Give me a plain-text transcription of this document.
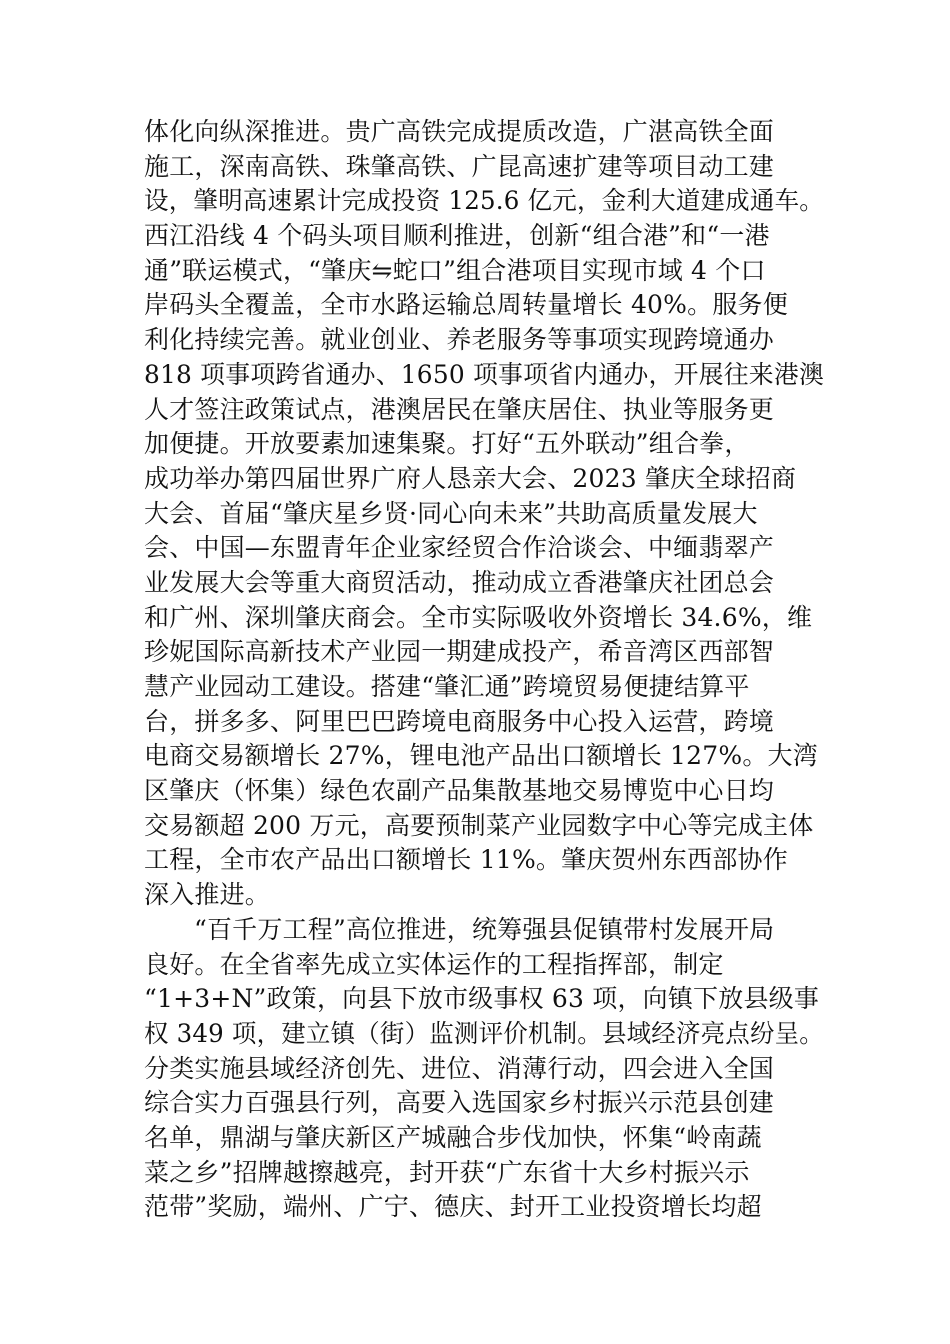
体化向纵深推进。贵广高铁完成提质改造，广湛高铁全面
施工，深南高铁、珠肇高铁、广昆高速扩建等项目动工建
设，肇明高速累计完成投资 125.6 亿元，金利大道建成通车。
西江沿线 4 个码头项目顺利推进，创新“组合港”和“一港
通”联运模式，“肇庆⇋蛇口”组合港项目实现市域 4 个口
岸码头全覆盖，全市水路运输总周转量增长 40%。服务便
利化持续完善。就业创业、养老服务等事项实现跨境通办
818 项事项跨省通办、1650 项事项省内通办，开展往来港澳
人才签注政策试点，港澳居民在肇庆居住、执业等服务更
加便捷。开放要素加速集聚。打好“五外联动”组合拳，
成功举办第四届世界广府人恳亲大会、2023 肇庆全球招商
大会、首届“肇庆星乡贤·同心向未来”共助高质量发展大
会、中国—东盟青年企业家经贸合作洽谈会、中缅翡翠产
业发展大会等重大商贸活动，推动成立香港肇庆社团总会
和广州、深圳肇庆商会。全市实际吸收外资增长 34.6%，维
珍妮国际高新技术产业园一期建成投产，希音湾区西部智
慧产业园动工建设。搭建“肇汇通”跨境贸易便捷结算平
台，拼多多、阿里巴巴跨境电商服务中心投入运营，跨境
电商交易额增长 27%，锂电池产品出口额增长 127%。大湾
区肇庆（怀集）绿色农副产品集散基地交易博览中心日均
交易额超 200 万元，高要预制菜产业园数字中心等完成主体
工程，全市农产品出口额增长 11%。肇庆贺州东西部协作
深入推进。
“百千万工程”高位推进，统筹强县促镇带村发展开局
良好。在全省率先成立实体运作的工程指挥部，制定
“1+3+N”政策，向县下放市级事权 63 项，向镇下放县级事
权 349 项，建立镇（街）监测评价机制。县域经济亮点纷呈。
分类实施县域经济创先、进位、消薄行动，四会进入全国
综合实力百强县行列，高要入选国家乡村振兴示范县创建
名单，鼎湖与肇庆新区产城融合步伐加快，怀集“岭南蔬
菜之乡”招牌越擦越亮，封开获“广东省十大乡村振兴示
范带”奖励，端州、广宁、德庆、封开工业投资增长均超
